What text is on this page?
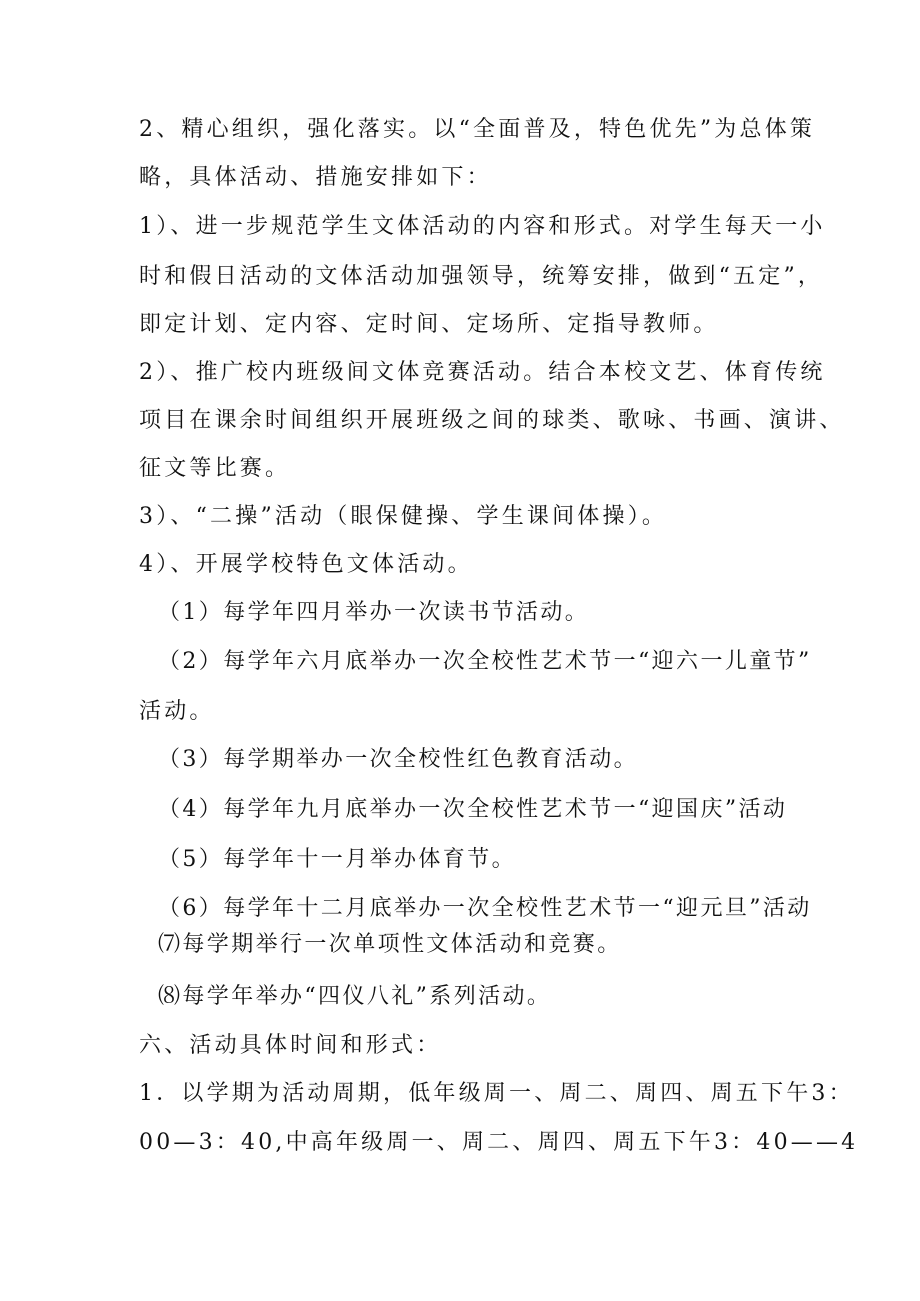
2、精心组织，强化落实。以“全面普及，特色优先”为总体策
略，具体活动、措施安排如下：
1）、进一步规范学生文体活动的内容和形式。对学生每天一小
时和假日活动的文体活动加强领导，统筹安排，做到“五定”，
即定计划、定内容、定时间、定场所、定指导教师。
2）、推广校内班级间文体竞赛活动。结合本校文艺、体育传统
项目在课余时间组织开展班级之间的球类、歌咏、书画、演讲、
征文等比赛。
3）、“二操”活动（眼保健操、学生课间体操）。
4）、开展学校特色文体活动。
（1）每学年四月举办一次读书节活动。
（2）每学年六月底举办一次全校性艺术节一“迎六一儿童节”
活动。
（3）每学期举办一次全校性红色教育活动。
（4）每学年九月底举办一次全校性艺术节一“迎国庆”活动
（5）每学年十一月举办体育节。
（6）每学年十二月底举办一次全校性艺术节一“迎元旦”活动
⑺每学期举行一次单项性文体活动和竞赛。
⑻每学年举办“四仪八礼”系列活动。
六、活动具体时间和形式：
1．以学期为活动周期，低年级周一、周二、周四、周五下午3：
00—3：40,中高年级周一、周二、周四、周五下午3：40——4
